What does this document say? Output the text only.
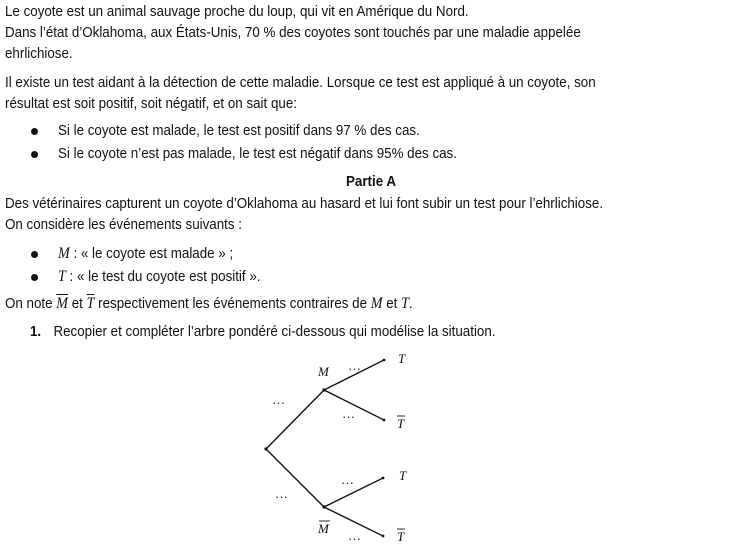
Le coyote est un animal sauvage proche du loup, qui vit en Amérique du Nord.
Dans l’état d’Oklahoma, aux États-Unis, 70 % des coyotes sont touchés par une maladie appelée
ehrlichiose.
Il existe un test aidant à la détection de cette maladie. Lorsque ce test est appliqué à un coyote, son
résultat est soit positif, soit négatif, et on sait que:
Si le coyote est malade, le test est positif dans 97 % des cas.
Si le coyote n’est pas malade, le test est négatif dans 95% des cas.
Partie A
Des vétérinaires capturent un coyote d’Oklahoma au hasard et lui font subir un test pour l’ehrlichiose.
On considère les événements suivants :
M : « le coyote est malade » ;
T : « le test du coyote est positif ».
On note $\overline{M}$ et $\overline{T}$ respectivement les événements contraires de M et T.
1. Recopier et compléter l’arbre pondéré ci-dessous qui modélise la situation.
M
M
T
T
T
T
…
…
…
…
…
…
